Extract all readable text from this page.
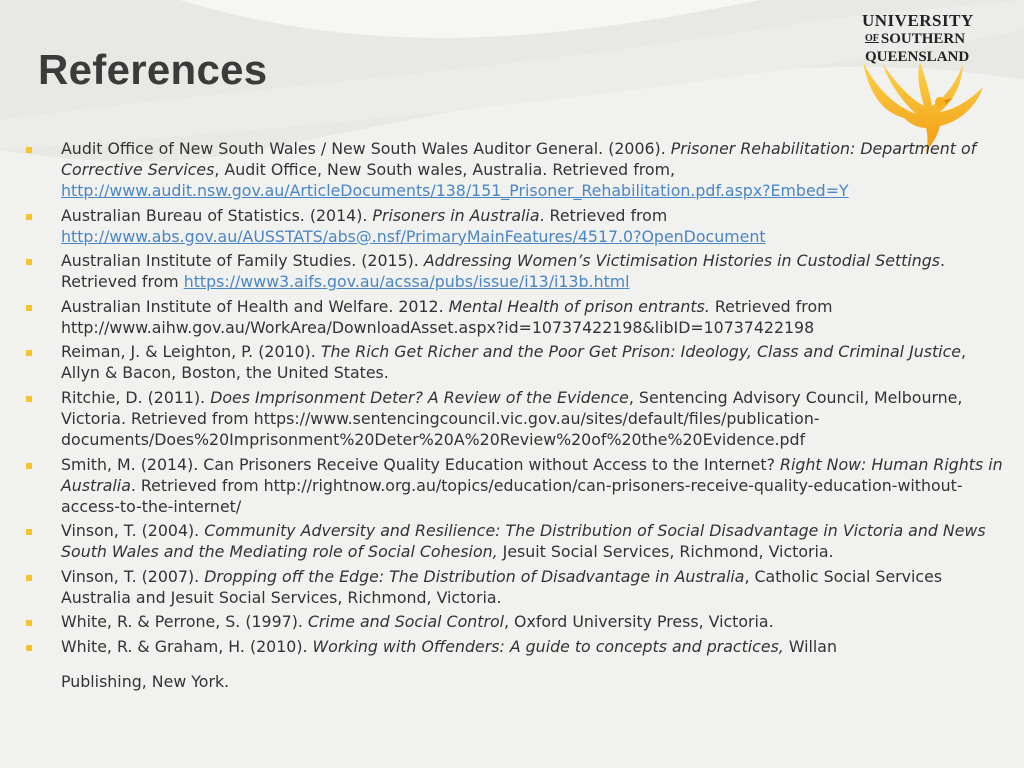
References
UNIVERSITY
OF SOUTHERN
QUEENSLAND
Audit Office of New South Wales / New South Wales Auditor General. (2006). Prisoner Rehabilitation: Department of Corrective Services, Audit Office, New South wales, Australia. Retrieved from,
http://www.audit.nsw.gov.au/ArticleDocuments/138/151_Prisoner_Rehabilitation.pdf.aspx?Embed=Y
Australian Bureau of Statistics. (2014). Prisoners in Australia. Retrieved from
http://www.abs.gov.au/AUSSTATS/abs@.nsf/PrimaryMainFeatures/4517.0?OpenDocument
Australian Institute of Family Studies. (2015). Addressing Women’s Victimisation Histories in Custodial Settings. Retrieved from https://www3.aifs.gov.au/acssa/pubs/issue/i13/i13b.html
Australian Institute of Health and Welfare. 2012. Mental Health of prison entrants. Retrieved from http://www.aihw.gov.au/WorkArea/DownloadAsset.aspx?id=10737422198&libID=10737422198
Reiman, J. & Leighton, P. (2010). The Rich Get Richer and the Poor Get Prison: Ideology, Class and Criminal Justice, Allyn & Bacon, Boston, the United States.
Ritchie, D. (2011). Does Imprisonment Deter? A Review of the Evidence, Sentencing Advisory Council, Melbourne, Victoria. Retrieved from https://www.sentencingcouncil.vic.gov.au/sites/default/files/publication-documents/Does%20Imprisonment%20Deter%20A%20Review%20of%20the%20Evidence.pdf
Smith, M. (2014). Can Prisoners Receive Quality Education without Access to the Internet? Right Now: Human Rights in Australia. Retrieved from http://rightnow.org.au/topics/education/can-prisoners-receive-quality-education-without-access-to-the-internet/
Vinson, T. (2004). Community Adversity and Resilience: The Distribution of Social Disadvantage in Victoria and News South Wales and the Mediating role of Social Cohesion, Jesuit Social Services, Richmond, Victoria.
Vinson, T. (2007). Dropping off the Edge: The Distribution of Disadvantage in Australia, Catholic Social Services Australia and Jesuit Social Services, Richmond, Victoria.
White, R. & Perrone, S. (1997). Crime and Social Control, Oxford University Press, Victoria.
White, R. & Graham, H. (2010). Working with Offenders: A guide to concepts and practices, Willan
Publishing, New York.
